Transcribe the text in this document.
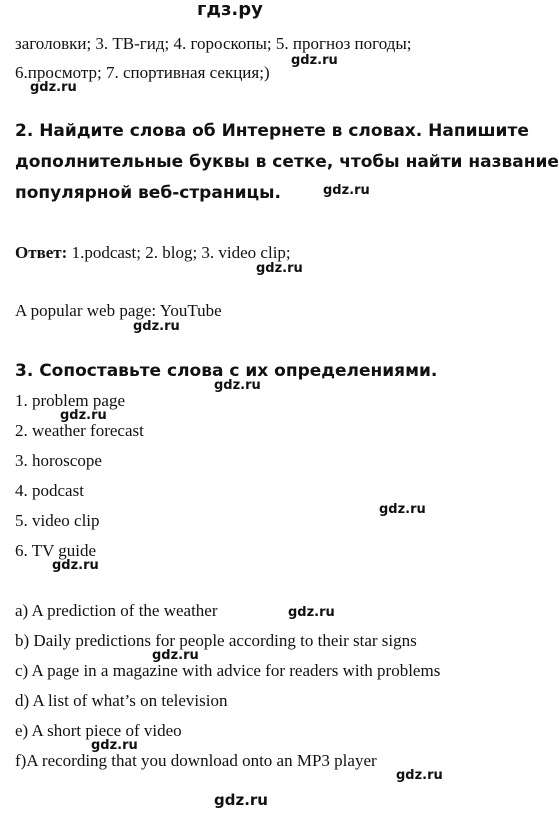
гдз.ру
заголовки; 3. ТВ-гид; 4. гороскопы; 5. прогноз погоды;
6.просмотр; 7. спортивная секция;)
2. Найдите слова об Интернете в словах. Напишите
дополнительные буквы в сетке, чтобы найти название
популярной веб-страницы.
Ответ: 1.podcast; 2. blog; 3. video clip;
A popular web page: YouTube
3. Сопоставьте слова с их определениями.
1. problem page
2. weather forecast
3. horoscope
4. podcast
5. video clip
6. TV guide
a) A prediction of the weather
b) Daily predictions for people according to their star signs
c) A page in a magazine with advice for readers with problems
d) A list of what’s on television
e) A short piece of video
f)A recording that you download onto an MP3 player
gdz.ru
gdz.ru
gdz.ru
gdz.ru
gdz.ru
gdz.ru
gdz.ru
gdz.ru
gdz.ru
gdz.ru
gdz.ru
gdz.ru
gdz.ru
gdz.ru
